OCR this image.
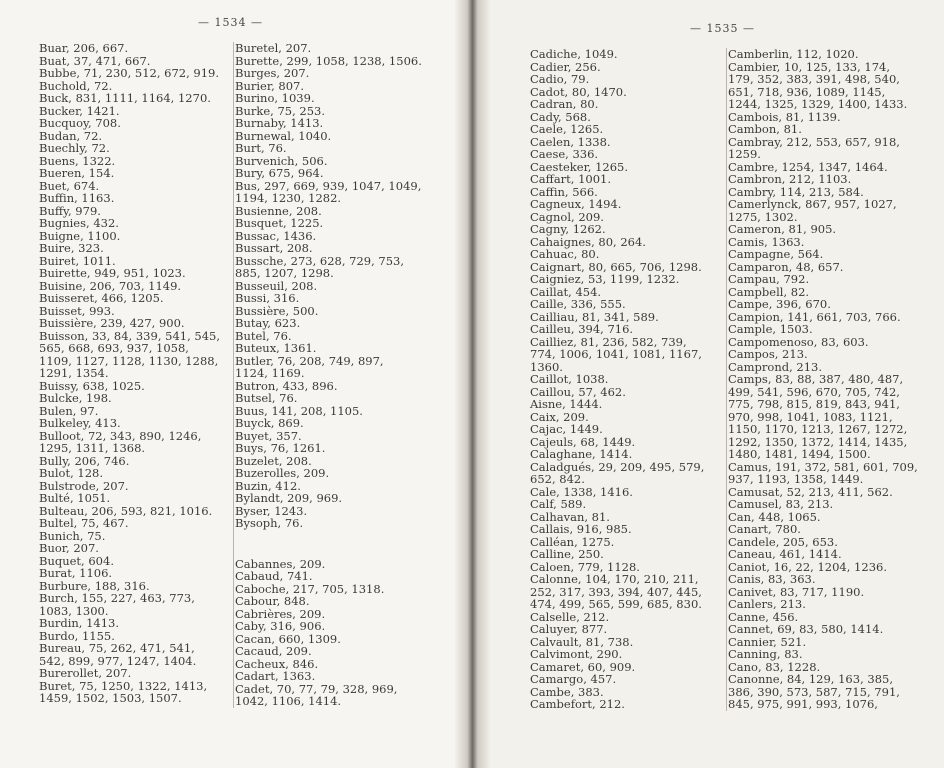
— 1534 —
Buar, 206, 667.
Buat, 37, 471, 667.
Bubbe, 71, 230, 512, 672, 919.
Buchold, 72.
Buck, 831, 1111, 1164, 1270.
Bucker, 1421.
Bucquoy, 708.
Budan, 72.
Buechly, 72.
Buens, 1322.
Bueren, 154.
Buet, 674.
Buffin, 1163.
Buffy, 979.
Bugnies, 432.
Buigne, 1100.
Buire, 323.
Buiret, 1011.
Buirette, 949, 951, 1023.
Buisine, 206, 703, 1149.
Buisseret, 466, 1205.
Buisset, 993.
Buissière, 239, 427, 900.
Buisson, 33, 84, 339, 541, 545,
565, 668, 693, 937, 1058,
1109, 1127, 1128, 1130, 1288,
1291, 1354.
Buissy, 638, 1025.
Bulcke, 198.
Bulen, 97.
Bulkeley, 413.
Bulloot, 72, 343, 890, 1246,
1295, 1311, 1368.
Bully, 206, 746.
Bulot, 128.
Bulstrode, 207.
Bulté, 1051.
Bulteau, 206, 593, 821, 1016.
Bultel, 75, 467.
Bunich, 75.
Buor, 207.
Buquet, 604.
Burat, 1106.
Burbure, 188, 316.
Burch, 155, 227, 463, 773,
1083, 1300.
Burdin, 1413.
Burdo, 1155.
Bureau, 75, 262, 471, 541,
542, 899, 977, 1247, 1404.
Burerollet, 207.
Buret, 75, 1250, 1322, 1413,
1459, 1502, 1503, 1507.
Buretel, 207.
Burette, 299, 1058, 1238, 1506.
Burges, 207.
Burier, 807.
Burino, 1039.
Burke, 75, 253.
Burnaby, 1413.
Burnewal, 1040.
Burt, 76.
Burvenich, 506.
Bury, 675, 964.
Bus, 297, 669, 939, 1047, 1049,
1194, 1230, 1282.
Busienne, 208.
Busquet, 1225.
Bussac, 1436.
Bussart, 208.
Bussche, 273, 628, 729, 753,
885, 1207, 1298.
Busseuil, 208.
Bussi, 316.
Bussière, 500.
Butay, 623.
Butel, 76.
Buteux, 1361.
Butler, 76, 208, 749, 897,
1124, 1169.
Butron, 433, 896.
Butsel, 76.
Buus, 141, 208, 1105.
Buyck, 869.
Buyet, 357.
Buys, 76, 1261.
Buzelet, 208.
Buzerolles, 209.
Buzin, 412.
Bylandt, 209, 969.
Byser, 1243.
Bysoph, 76.
Cabannes, 209.
Cabaud, 741.
Caboche, 217, 705, 1318.
Cabour, 848.
Cabrières, 209.
Caby, 316, 906.
Cacan, 660, 1309.
Cacaud, 209.
Cacheux, 846.
Cadart, 1363.
Cadet, 70, 77, 79, 328, 969,
1042, 1106, 1414.
— 1535 —
Cadiche, 1049.
Cadier, 256.
Cadio, 79.
Cadot, 80, 1470.
Cadran, 80.
Cady, 568.
Caele, 1265.
Caelen, 1338.
Caese, 336.
Caesteker, 1265.
Caffart, 1001.
Caffin, 566.
Cagneux, 1494.
Cagnol, 209.
Cagny, 1262.
Cahaignes, 80, 264.
Cahuac, 80.
Caignart, 80, 665, 706, 1298.
Caigniez, 53, 1199, 1232.
Caillat, 454.
Caille, 336, 555.
Cailliau, 81, 341, 589.
Cailleu, 394, 716.
Cailliez, 81, 236, 582, 739,
774, 1006, 1041, 1081, 1167,
1360.
Caillot, 1038.
Caillou, 57, 462.
Aisne, 1444.
Caix, 209.
Cajac, 1449.
Cajeuls, 68, 1449.
Calaghane, 1414.
Caladgués, 29, 209, 495, 579,
652, 842.
Cale, 1338, 1416.
Calf, 589.
Calhavan, 81.
Callais, 916, 985.
Calléan, 1275.
Calline, 250.
Caloen, 779, 1128.
Calonne, 104, 170, 210, 211,
252, 317, 393, 394, 407, 445,
474, 499, 565, 599, 685, 830.
Calselle, 212.
Caluyer, 877.
Calvault, 81, 738.
Calvimont, 290.
Camaret, 60, 909.
Camargo, 457.
Cambe, 383.
Cambefort, 212.
Camberlin, 112, 1020.
Cambier, 10, 125, 133, 174,
179, 352, 383, 391, 498, 540,
651, 718, 936, 1089, 1145,
1244, 1325, 1329, 1400, 1433.
Cambois, 81, 1139.
Cambon, 81.
Cambray, 212, 553, 657, 918,
1259.
Cambre, 1254, 1347, 1464.
Cambron, 212, 1103.
Cambry, 114, 213, 584.
Camerlynck, 867, 957, 1027,
1275, 1302.
Cameron, 81, 905.
Camis, 1363.
Campagne, 564.
Camparon, 48, 657.
Campau, 792.
Campbell, 82.
Campe, 396, 670.
Campion, 141, 661, 703, 766.
Cample, 1503.
Campomenoso, 83, 603.
Campos, 213.
Camprond, 213.
Camps, 83, 88, 387, 480, 487,
499, 541, 596, 670, 705, 742,
775, 798, 815, 819, 843, 941,
970, 998, 1041, 1083, 1121,
1150, 1170, 1213, 1267, 1272,
1292, 1350, 1372, 1414, 1435,
1480, 1481, 1494, 1500.
Camus, 191, 372, 581, 601, 709,
937, 1193, 1358, 1449.
Camusat, 52, 213, 411, 562.
Camusel, 83, 213.
Can, 448, 1065.
Canart, 780.
Candele, 205, 653.
Caneau, 461, 1414.
Caniot, 16, 22, 1204, 1236.
Canis, 83, 363.
Canivet, 83, 717, 1190.
Canlers, 213.
Canne, 456.
Cannet, 69, 83, 580, 1414.
Cannier, 521.
Canning, 83.
Cano, 83, 1228.
Canonne, 84, 129, 163, 385,
386, 390, 573, 587, 715, 791,
845, 975, 991, 993, 1076,
